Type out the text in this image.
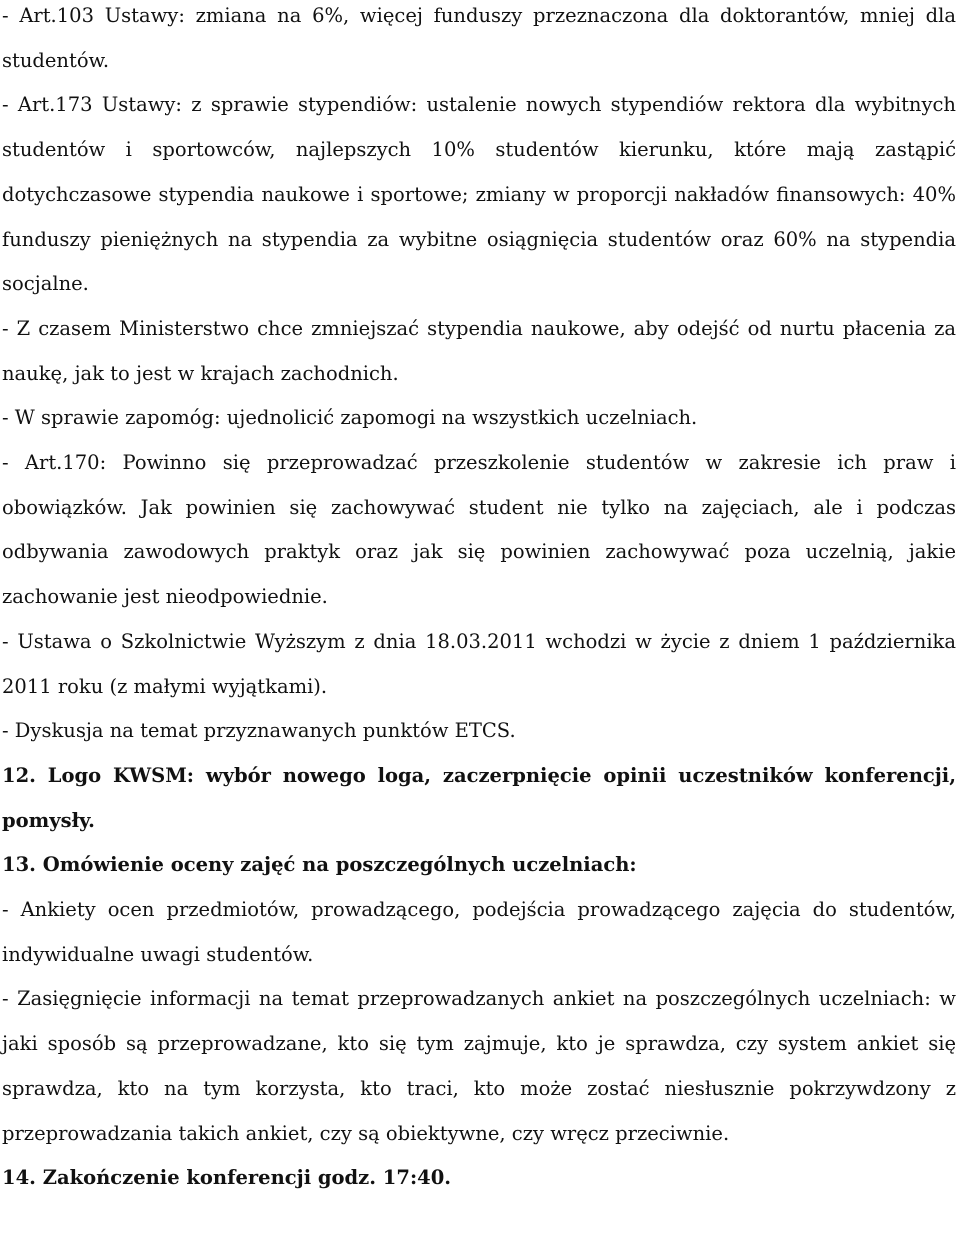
- Art.103 Ustawy: zmiana na 6%, więcej funduszy przeznaczona dla doktorantów, mniej dla studentów.

- Art.173 Ustawy: z sprawie stypendiów: ustalenie nowych stypendiów rektora dla wybitnych studentów i sportowców, najlepszych 10% studentów kierunku, które mają zastąpić dotychczasowe stypendia naukowe i sportowe; zmiany w proporcji nakładów finansowych: 40% funduszy pieniężnych na stypendia za wybitne osiągnięcia studentów oraz 60% na stypendia socjalne.

- Z czasem Ministerstwo chce zmniejszać stypendia naukowe, aby odejść od nurtu płacenia za naukę, jak to jest w krajach zachodnich.

- W sprawie zapomóg: ujednolicić zapomogi na wszystkich uczelniach.

- Art.170: Powinno się przeprowadzać przeszkolenie studentów w zakresie ich praw i obowiązków. Jak powinien się zachowywać student nie tylko na zajęciach, ale i podczas odbywania zawodowych praktyk oraz jak się powinien zachowywać poza uczelnią, jakie zachowanie jest nieodpowiednie.

- Ustawa o Szkolnictwie Wyższym z dnia 18.03.2011 wchodzi w życie z dniem 1 października 2011 roku (z małymi wyjątkami).

- Dyskusja na temat przyznawanych punktów ETCS.

12. Logo KWSM: wybór nowego loga, zaczerpnięcie opinii uczestników konferencji, pomysły.

13. Omówienie oceny zajęć na poszczególnych uczelniach:

- Ankiety ocen przedmiotów, prowadzącego, podejścia prowadzącego zajęcia do studentów, indywidualne uwagi studentów.

- Zasięgnięcie informacji na temat przeprowadzanych ankiet na poszczególnych uczelniach: w jaki sposób są przeprowadzane, kto się tym zajmuje, kto je sprawdza, czy system ankiet się sprawdza, kto na tym korzysta, kto traci, kto może zostać niesłusznie pokrzywdzony z przeprowadzania takich ankiet, czy są obiektywne, czy wręcz przeciwnie.

14. Zakończenie konferencji godz. 17:40.
